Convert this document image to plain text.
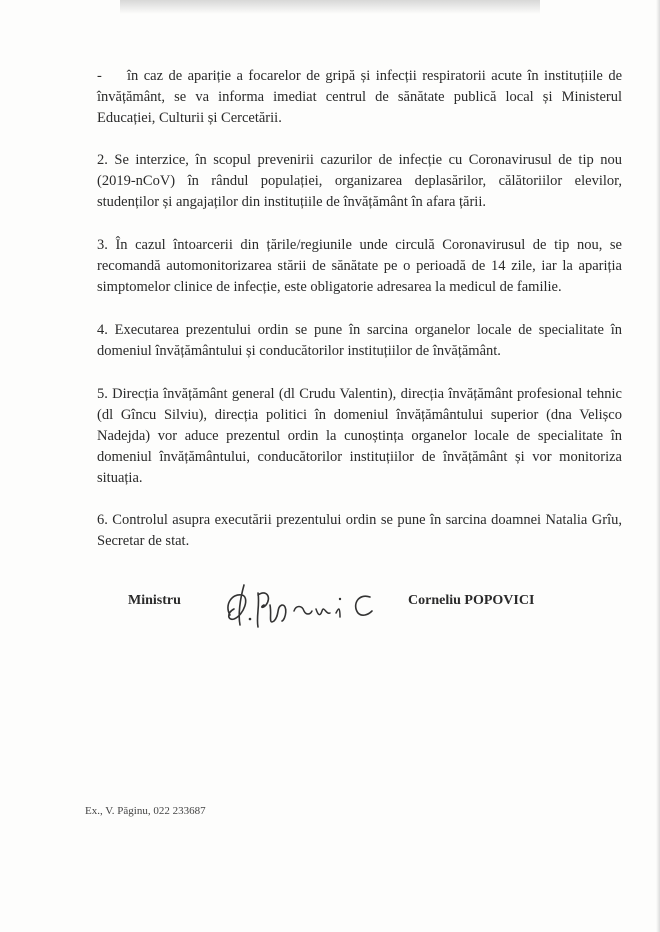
- în caz de apariție a focarelor de gripă și infecții respiratorii acute în instituțiile de învățământ, se va informa imediat centrul de sănătate publică local și Ministerul Educației, Culturii și Cercetării.

2. Se interzice, în scopul prevenirii cazurilor de infecție cu Coronavirusul de tip nou (2019-nCoV) în rândul populației, organizarea deplasărilor, călătoriilor elevilor, studenților și angajaților din instituțiile de învățământ în afara țării.

3. În cazul întoarcerii din țările/regiunile unde circulă Coronavirusul de tip nou, se recomandă automonitorizarea stării de sănătate pe o perioadă de 14 zile, iar la apariția simptomelor clinice de infecție, este obligatorie adresarea la medicul de familie.

4. Executarea prezentului ordin se pune în sarcina organelor locale de specialitate în domeniul învățământului și conducătorilor instituțiilor de învățământ.

5. Direcția învățământ general (dl Crudu Valentin), direcția învățământ profesional tehnic (dl Gîncu Silviu), direcția politici în domeniul învățământului superior (dna Velișco Nadejda) vor aduce prezentul ordin la cunoștința organelor locale de specialitate în domeniul învățământului, conducătorilor instituțiilor de învățământ și vor monitoriza situația.

6. Controlul asupra executării prezentului ordin se pune în sarcina doamnei Natalia Grîu, Secretar de stat.

Ministru	Corneliu POPOVICI
Ex., V. Păginu, 022 233687
